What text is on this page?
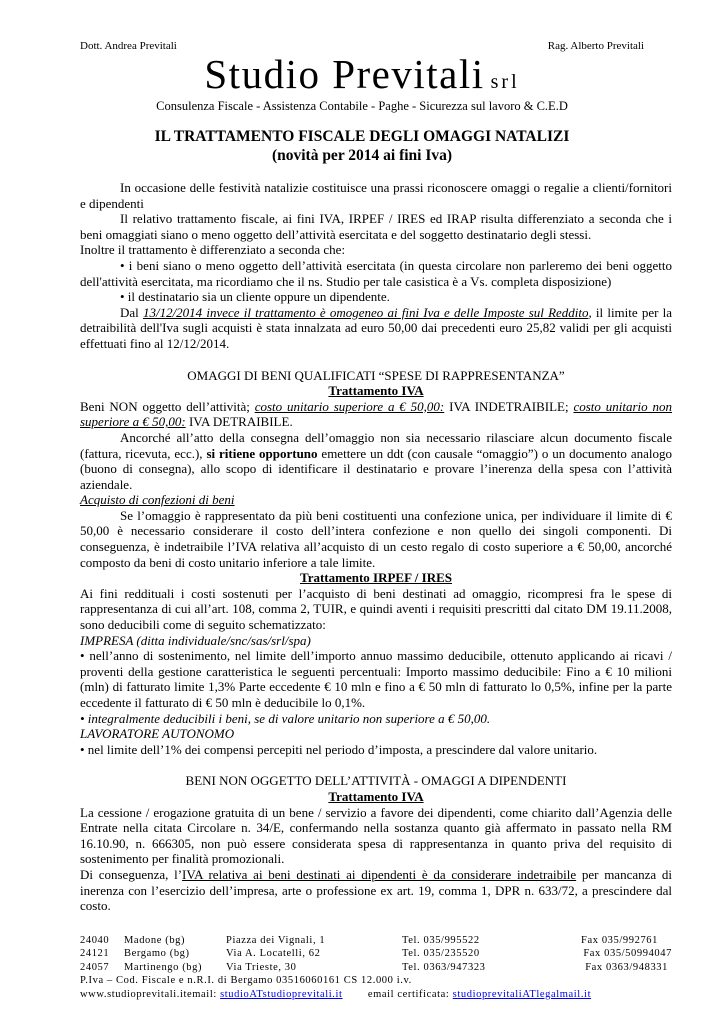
Dott. Andrea Previtali	Rag. Alberto Previtali
Studio Previtali srl
Consulenza Fiscale - Assistenza Contabile - Paghe - Sicurezza sul lavoro & C.E.D
IL TRATTAMENTO FISCALE DEGLI OMAGGI NATALIZI
(novità per 2014 ai fini Iva)

In occasione delle festività natalizie costituisce una prassi riconoscere omaggi o regalie a clienti/fornitori e dipendenti

Il relativo trattamento fiscale, ai fini IVA, IRPEF / IRES ed IRAP risulta differenziato a seconda che i beni omaggiati siano o meno oggetto dell’attività esercitata e del soggetto destinatario degli stessi.

Inoltre il trattamento è differenziato a seconda che:

• i beni siano o meno oggetto dell’attività esercitata (in questa circolare non parleremo dei beni oggetto dell'attività esercitata, ma ricordiamo che il ns. Studio per tale casistica è a Vs. completa disposizione)

• il destinatario sia un cliente oppure un dipendente.

Dal 13/12/2014 invece il trattamento è omogeneo ai fini Iva e delle Imposte sul Reddito, il limite per la detraibilità dell'Iva sugli acquisti è stata innalzata ad euro 50,00 dai precedenti euro 25,82 validi per gli acquisti effettuati fino al 12/12/2014.

OMAGGI DI BENI QUALIFICATI “SPESE DI RAPPRESENTANZA”

Trattamento IVA

Beni NON oggetto dell’attività; costo unitario superiore a € 50,00: IVA INDETRAIBILE; costo unitario non superiore a € 50,00: IVA DETRAIBILE.

Ancorché all’atto della consegna dell’omaggio non sia necessario rilasciare alcun documento fiscale (fattura, ricevuta, ecc.), si ritiene opportuno emettere un ddt (con causale “omaggio”) o un documento analogo (buono di consegna), allo scopo di identificare il destinatario e provare l’inerenza della spesa con l’attività aziendale.

Acquisto di confezioni di beni

Se l’omaggio è rappresentato da più beni costituenti una confezione unica, per individuare il limite di € 50,00 è necessario considerare il costo dell’intera confezione e non quello dei singoli componenti. Di conseguenza, è indetraibile l’IVA relativa all’acquisto di un cesto regalo di costo superiore a € 50,00, ancorché composto da beni di costo unitario inferiore a tale limite.

Trattamento IRPEF / IRES

Ai fini reddituali i costi sostenuti per l’acquisto di beni destinati ad omaggio, ricompresi fra le spese di rappresentanza di cui all’art. 108, comma 2, TUIR, e quindi aventi i requisiti prescritti dal citato DM 19.11.2008, sono deducibili come di seguito schematizzato:

IMPRESA (ditta individuale/snc/sas/srl/spa)

• nell’anno di sostenimento, nel limite dell’importo annuo massimo deducibile, ottenuto applicando ai ricavi / proventi della gestione caratteristica le seguenti percentuali: Importo massimo deducibile: Fino a € 10 milioni (mln) di fatturato limite 1,3% Parte eccedente € 10 mln e fino a € 50 mln di fatturato lo 0,5%, infine per la parte eccedente il fatturato di € 50 mln è deducibile lo 0,1%.

• integralmente deducibili i beni, se di valore unitario non superiore a € 50,00.

LAVORATORE AUTONOMO

• nel limite dell’1% dei compensi percepiti nel periodo d’imposta, a prescindere dal valore unitario.

BENI NON OGGETTO DELL’ATTIVITÀ - OMAGGI A DIPENDENTI

Trattamento IVA

La cessione / erogazione gratuita di un bene / servizio a favore dei dipendenti, come chiarito dall’Agenzia delle Entrate nella citata Circolare n. 34/E, confermando nella sostanza quanto già affermato in passato nella RM 16.10.90, n. 666305, non può essere considerata spesa di rappresentanza in quanto priva del requisito di sostenimento per finalità promozionali.

Di conseguenza, l’IVA relativa ai beni destinati ai dipendenti è da considerare indetraibile per mancanza di inerenza con l’esercizio dell’impresa, arte o professione ex art. 19, comma 1, DPR n. 633/72, a prescindere dal costo.

24040 Madone (bg)	Piazza dei Vignali, 1	Tel. 035/995522	Fax 035/992761
24121 Bergamo (bg)	Via A. Locatelli, 62	Tel. 035/235520	Fax 035/50994047
24057 Martinengo (bg) Via Trieste, 30	Tel. 0363/947323	Fax 0363/948331
P.Iva – Cod. Fiscale e n.R.I. di Bergamo 03516060161 CS 12.000 i.v.
www.studioprevitali.itemail: studioATstudioprevitali.it email certificata: studioprevitaliATlegalmail.it
